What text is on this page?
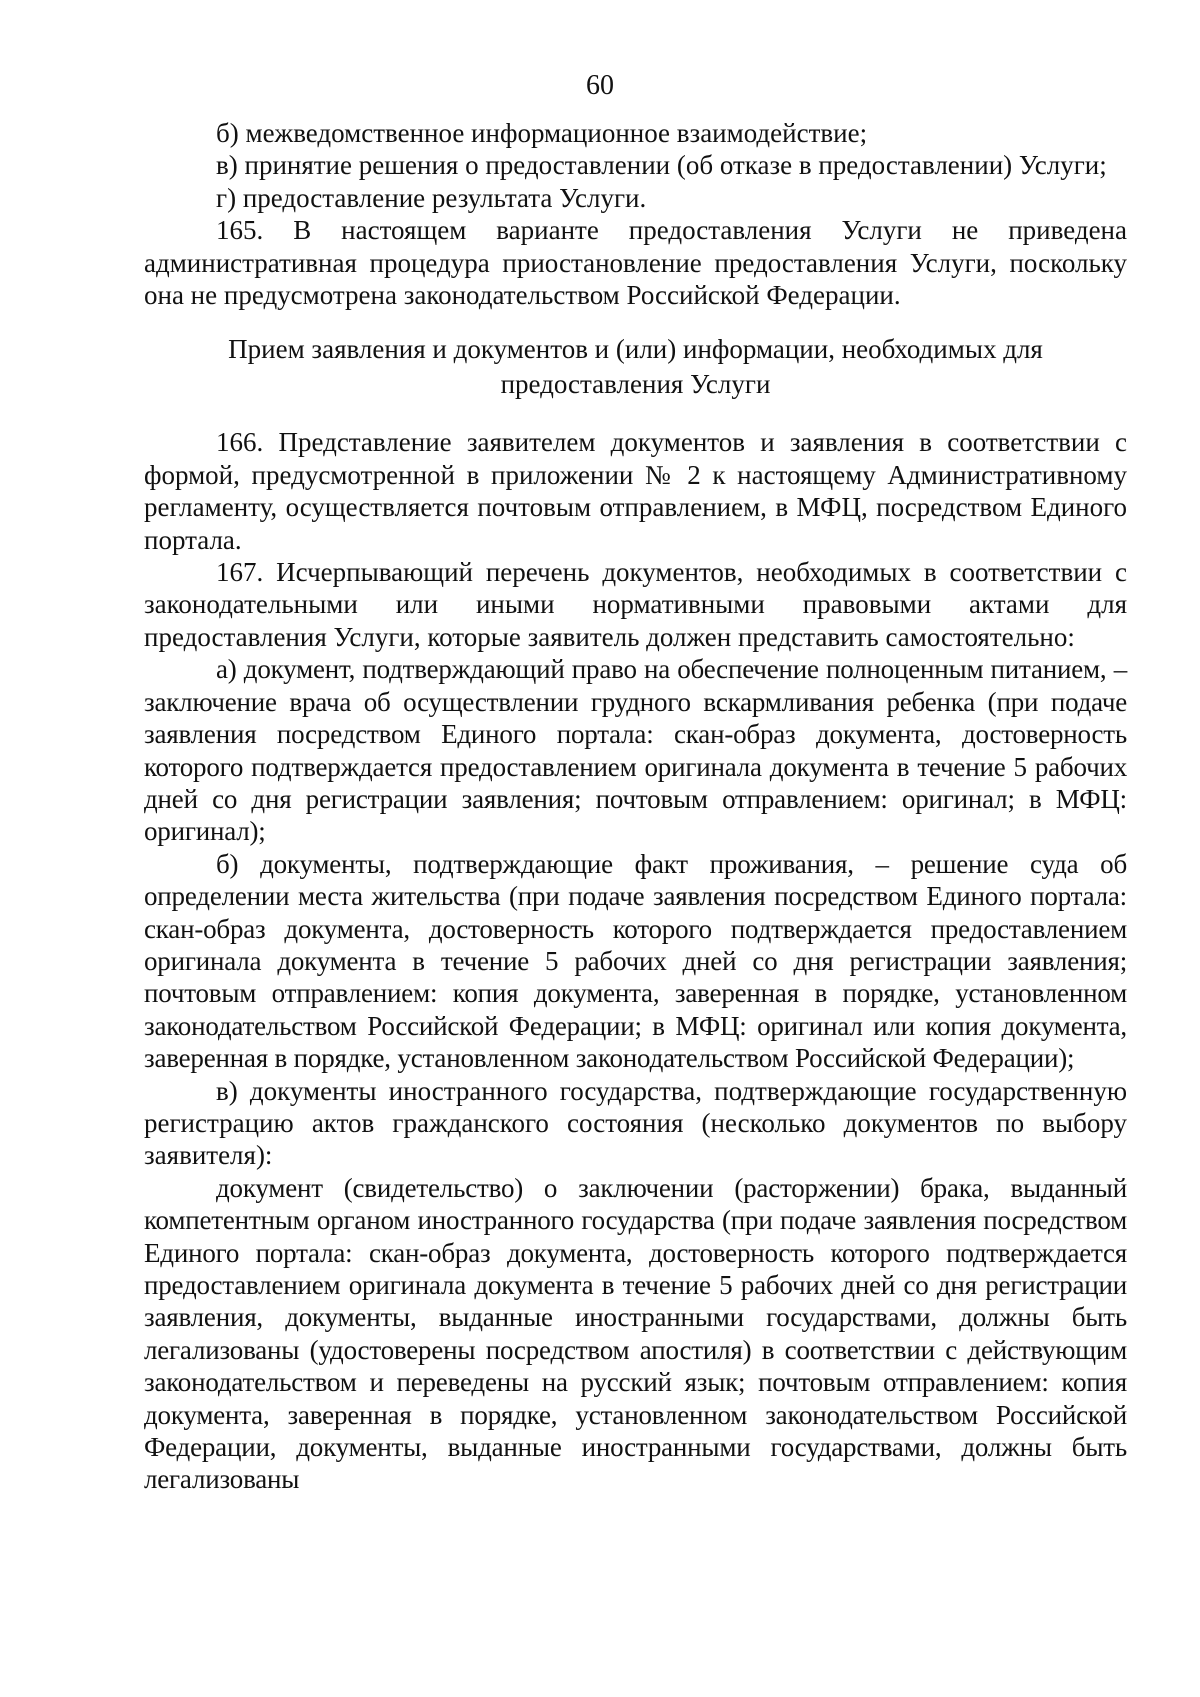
60

б) межведомственное информационное взаимодействие;

в) принятие решения о предоставлении (об отказе в предоставлении) Услуги;

г) предоставление результата Услуги.

165. В настоящем варианте предоставления Услуги не приведена административная процедура приостановление предоставления Услуги, поскольку она не предусмотрена законодательством Российской Федерации.

Прием заявления и документов и (или) информации, необходимых для
предоставления Услуги

166. Представление заявителем документов и заявления в соответствии с формой, предусмотренной в приложении № 2 к настоящему Административному регламенту, осуществляется почтовым отправлением, в МФЦ, посредством Единого портала.

167. Исчерпывающий перечень документов, необходимых в соответствии с законодательными или иными нормативными правовыми актами для предоставления Услуги, которые заявитель должен представить самостоятельно:

а) документ, подтверждающий право на обеспечение полноценным питанием, – заключение врача об осуществлении грудного вскармливания ребенка (при подаче заявления посредством Единого портала: скан-образ документа, достоверность которого подтверждается предоставлением оригинала документа в течение 5 рабочих дней со дня регистрации заявления; почтовым отправлением: оригинал; в МФЦ: оригинал);

б) документы, подтверждающие факт проживания, – решение суда об определении места жительства (при подаче заявления посредством Единого портала: скан-образ документа, достоверность которого подтверждается предоставлением оригинала документа в течение 5 рабочих дней со дня регистрации заявления; почтовым отправлением: копия документа, заверенная в порядке, установленном законодательством Российской Федерации; в МФЦ: оригинал или копия документа, заверенная в порядке, установленном законодательством Российской Федерации);

в) документы иностранного государства, подтверждающие государственную регистрацию актов гражданского состояния (несколько документов по выбору заявителя):

документ (свидетельство) о заключении (расторжении) брака, выданный компетентным органом иностранного государства (при подаче заявления посредством Единого портала: скан-образ документа, достоверность которого подтверждается предоставлением оригинала документа в течение 5 рабочих дней со дня регистрации заявления, документы, выданные иностранными государствами, должны быть легализованы (удостоверены посредством апостиля) в соответствии с действующим законодательством и переведены на русский язык; почтовым отправлением: копия документа, заверенная в порядке, установленном законодательством Российской Федерации, документы, выданные иностранными государствами, должны быть легализованы
